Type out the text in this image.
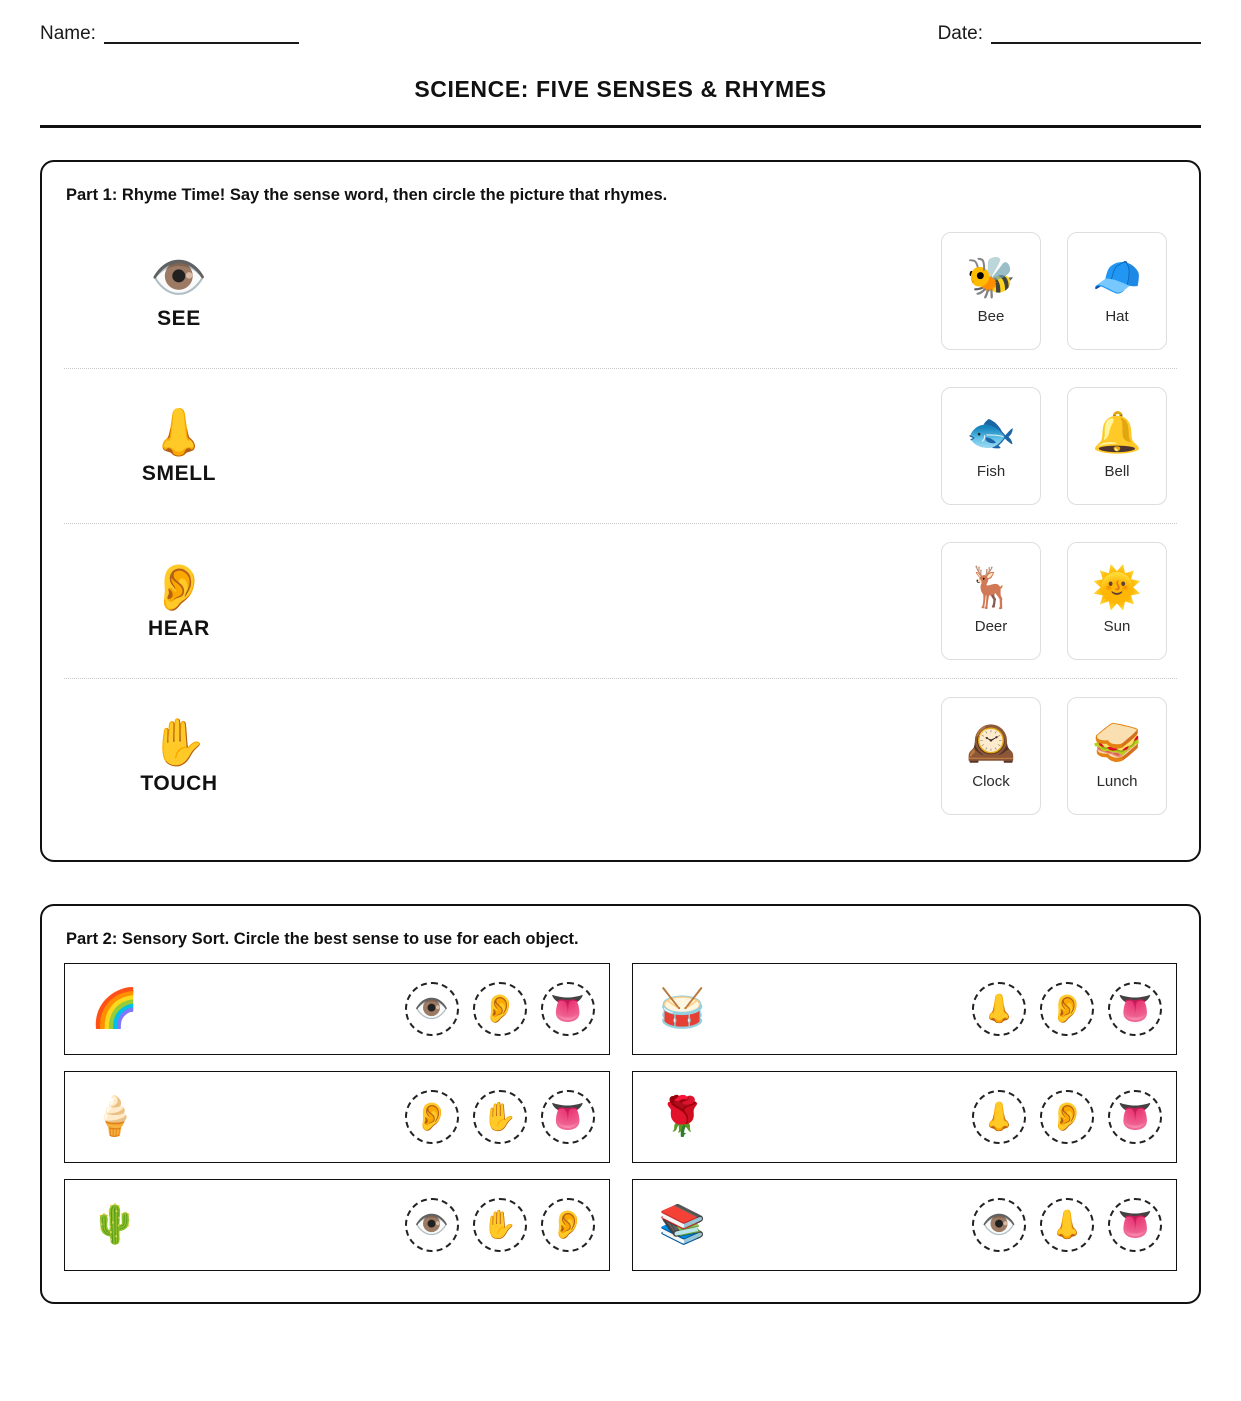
Name:	Date:
SCIENCE: FIVE SENSES & RHYMES
Part 1: Rhyme Time! Say the sense word, then circle the picture that rhymes.
👁️
SEE
🐝
Bee
🧢
Hat
👃
SMELL
🐟
Fish
🔔
Bell
👂
HEAR
🦌
Deer
🌞
Sun
✋
TOUCH
🕰️
Clock
🥪
Lunch
Part 2: Sensory Sort. Circle the best sense to use for each object.
🌈	👁️ 👂 👅 🥁	👃 👂 👅
🍦	👂 ✋ 👅 🌹	👃 👂 👅
🌵	👁️ ✋ 👂 📚	👁️ 👃 👅
